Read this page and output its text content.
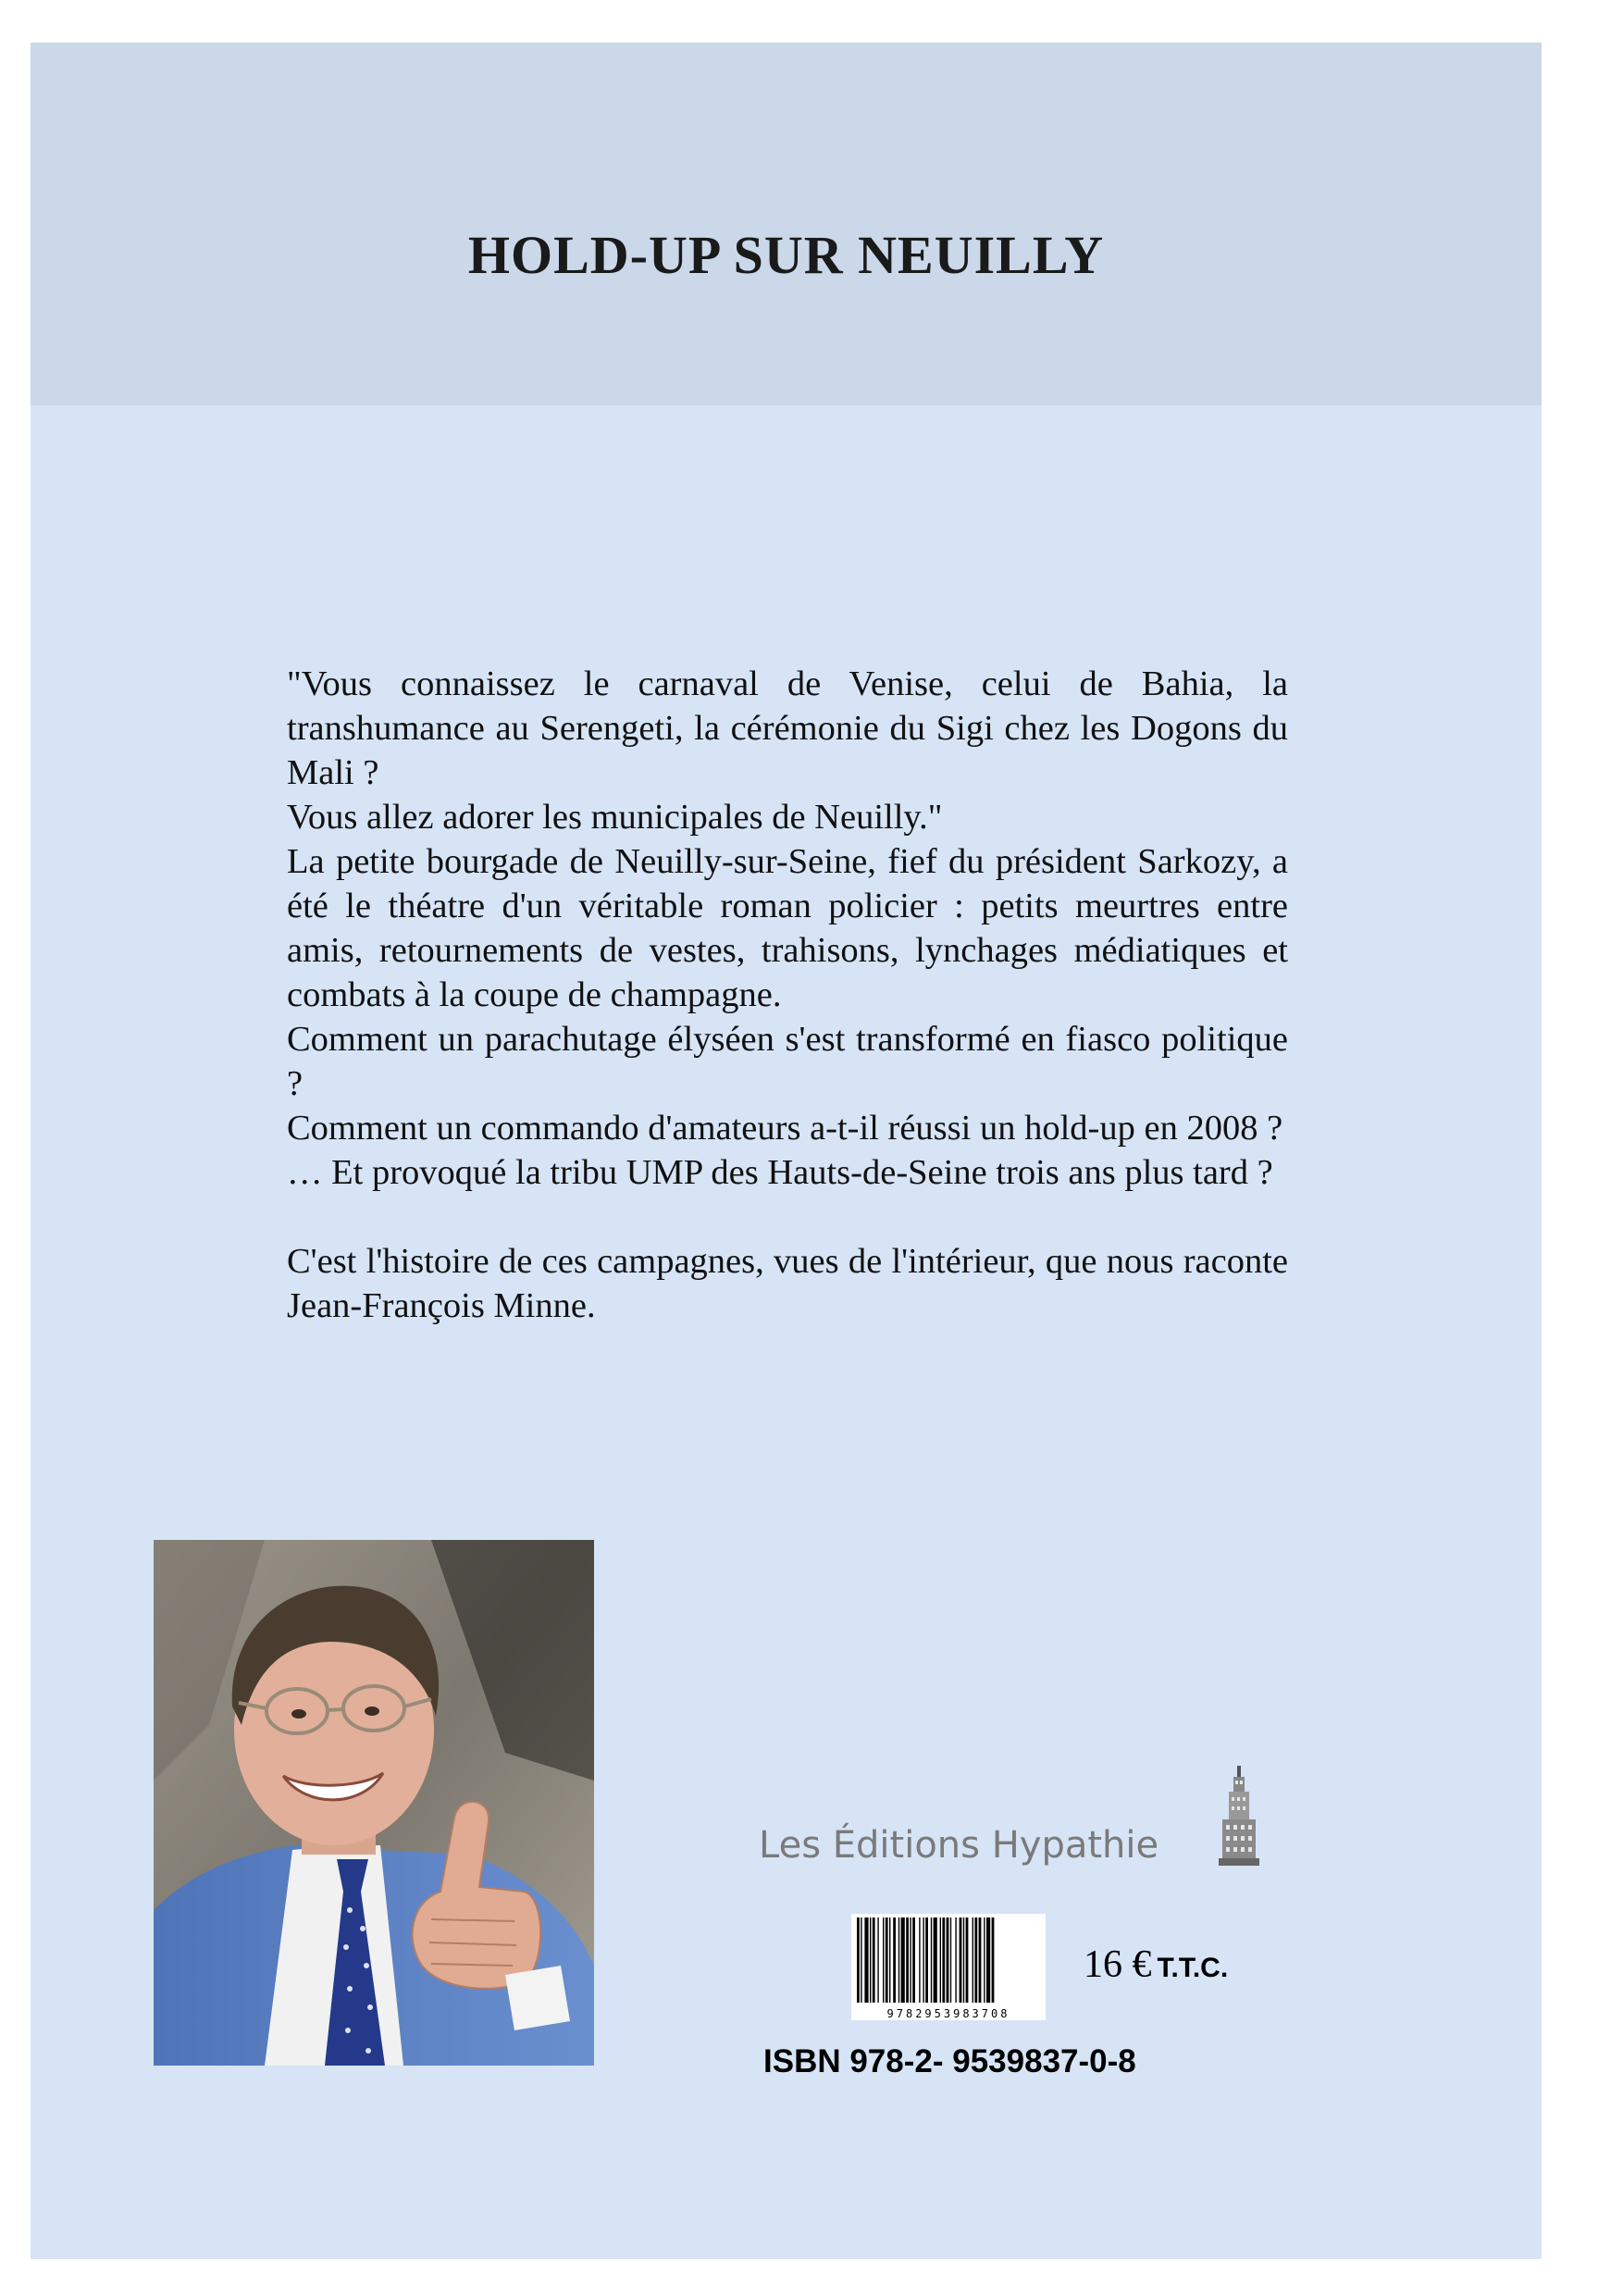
HOLD-UP SUR NEUILLY

"Vous connaissez le carnaval de Venise, celui de Bahia, la transhumance au Serengeti, la cérémonie du Sigi chez les Dogons du Mali ?

Vous allez adorer les municipales de Neuilly."

La petite bourgade de Neuilly-sur-Seine, fief du président Sarkozy, a été le théatre d'un véritable roman policier : petits meurtres entre amis, retournements de vestes, trahisons, lynchages médiatiques et combats à la coupe de champagne.

Comment un parachutage élyséen s'est transformé en fiasco politique ?

Comment un commando d'amateurs a-t-il réussi un hold-up en 2008 ?

… Et provoqué la tribu UMP des Hauts-de-Seine trois ans plus tard ?

C'est l'histoire de ces campagnes, vues de l'intérieur, que nous raconte Jean-François Minne.

Les Éditions Hypathie
9782953983708
16 € T.T.C.
ISBN 978-2- 9539837-0-8
